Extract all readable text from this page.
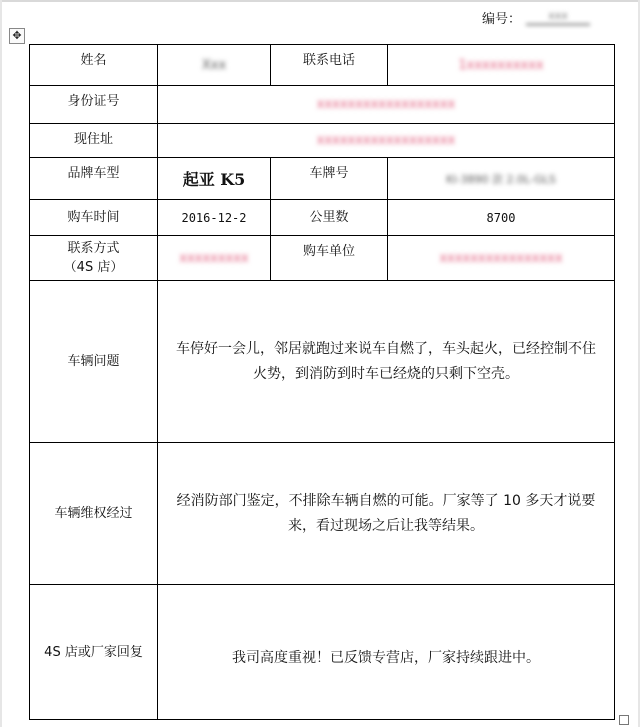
编号：	xxx
✥
姓名	Xxx	联系电话	1xxxxxxxxxx
身份证号	xxxxxxxxxxxxxxxxxx		
现住址	xxxxxxxxxxxxxxxxxx		
品牌车型	起亚 K5	车牌号	KI-3890 款 2.0L-GLS
购车时间	2016-12-2	公里数	8700

联系方式
（4S 店）	xxxxxxxxx	购车单位	xxxxxxxxxxxxxxxx
车辆问题	车停好一会儿，邻居就跑过来说车自燃了，车头起火，已经控制不住火势，到消防到时车已经烧的只剩下空壳。		
车辆维权经过	经消防部门鉴定，不排除车辆自燃的可能。厂家等了 10 多天才说要来，看过现场之后让我等结果。		
4S 店或厂家回复	我司高度重视！已反馈专营店，厂家持续跟进中。		
